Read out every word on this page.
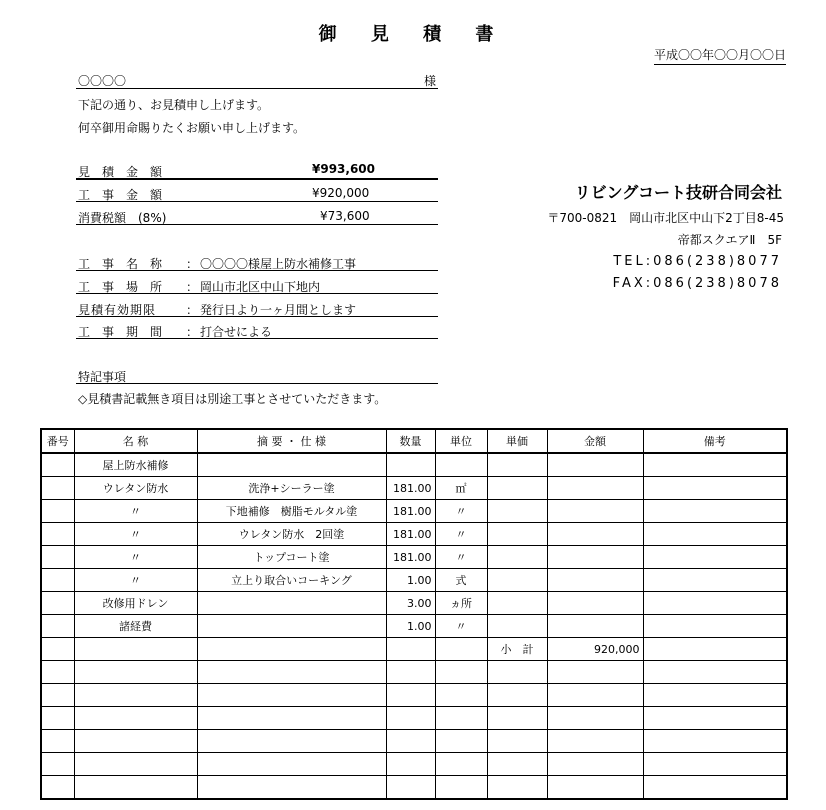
御 見 積 書
平成〇〇年〇〇月〇〇日
〇〇〇〇	様
下記の通り、お見積申し上げます。
何卒御用命賜りたくお願い申し上げます。
見　積　金　額	¥993,600
工　事　金　額	¥920,000
消費税額　(8%)	¥73,600
工　事　名　称 ： 〇〇〇〇様屋上防水補修工事
工　事　場　所 ： 岡山市北区中山下地内
見積有効期限 ： 発行日より一ヶ月間とします
工　事　期　間 ： 打合せによる
特記事項
◇見積書記載無き項目は別途工事とさせていただきます。
リビングコート技研合同会社
〒700-0821　岡山市北区中山下2丁目8-45
帝都スクエアⅡ　5F
TEL:086(238)8077
FAX:086(238)8078
番号	名 称	摘 要 ・ 仕 様	数量	単位	単価	金額	備考
	屋上防水補修						
	ウレタン防水	洗浄+シーラー塗	181.00	㎡			
	〃	下地補修　樹脂モルタル塗	181.00	〃			
	〃	ウレタン防水　2回塗	181.00	〃			
	〃	トップコート塗	181.00	〃			
	〃	立上り取合いコーキング	1.00	式			
	改修用ドレン		3.00	ヵ所			
	諸経費		1.00	〃			
					小　計	920,000	
